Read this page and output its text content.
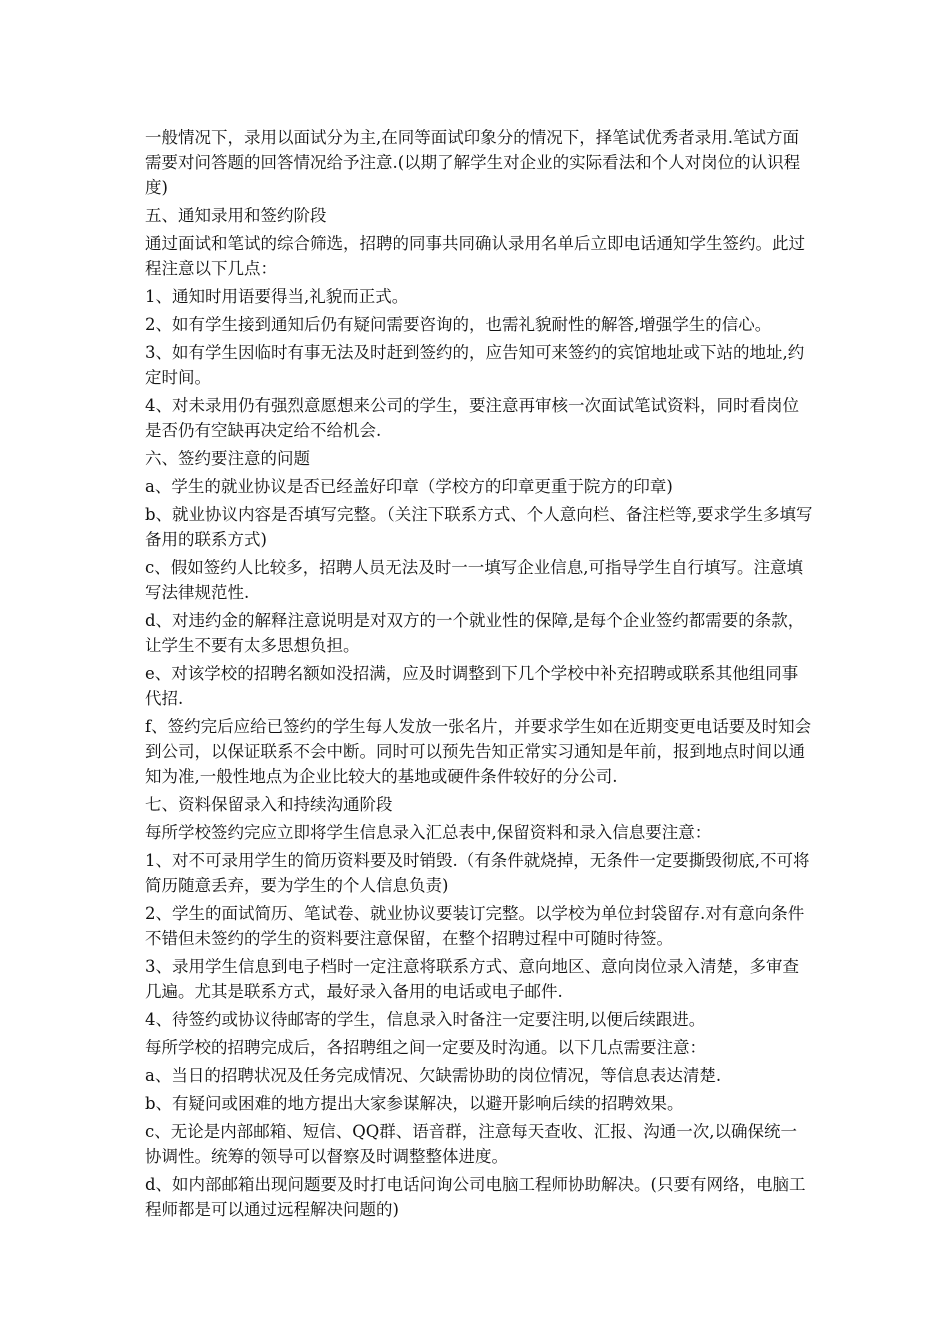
一般情况下，录用以面试分为主,在同等面试印象分的情况下，择笔试优秀者录用.笔试方面需要对问答题的回答情况给予注意.(以期了解学生对企业的实际看法和个人对岗位的认识程度)

五、通知录用和签约阶段

通过面试和笔试的综合筛选，招聘的同事共同确认录用名单后立即电话通知学生签约。此过程注意以下几点：

1、通知时用语要得当,礼貌而正式。

2、如有学生接到通知后仍有疑问需要咨询的，也需礼貌耐性的解答,增强学生的信心。

3、如有学生因临时有事无法及时赶到签约的，应告知可来签约的宾馆地址或下站的地址,约定时间。

4、对未录用仍有强烈意愿想来公司的学生，要注意再审核一次面试笔试资料，同时看岗位是否仍有空缺再决定给不给机会.

六、签约要注意的问题

a、学生的就业协议是否已经盖好印章（学校方的印章更重于院方的印章)

b、就业协议内容是否填写完整。（关注下联系方式、个人意向栏、备注栏等,要求学生多填写备用的联系方式)

c、假如签约人比较多，招聘人员无法及时一一填写企业信息,可指导学生自行填写。注意填写法律规范性.

d、对违约金的解释注意说明是对双方的一个就业性的保障,是每个企业签约都需要的条款，让学生不要有太多思想负担。

e、对该学校的招聘名额如没招满，应及时调整到下几个学校中补充招聘或联系其他组同事代招.

f、签约完后应给已签约的学生每人发放一张名片，并要求学生如在近期变更电话要及时知会到公司，以保证联系不会中断。同时可以预先告知正常实习通知是年前，报到地点时间以通知为准,一般性地点为企业比较大的基地或硬件条件较好的分公司.

七、资料保留录入和持续沟通阶段

每所学校签约完应立即将学生信息录入汇总表中,保留资料和录入信息要注意：

1、对不可录用学生的简历资料要及时销毁.（有条件就烧掉，无条件一定要撕毁彻底,不可将简历随意丢弃，要为学生的个人信息负责)

2、学生的面试简历、笔试卷、就业协议要装订完整。以学校为单位封袋留存.对有意向条件不错但未签约的学生的资料要注意保留，在整个招聘过程中可随时待签。

3、录用学生信息到电子档时一定注意将联系方式、意向地区、意向岗位录入清楚，多审查几遍。尤其是联系方式，最好录入备用的电话或电子邮件.

4、待签约或协议待邮寄的学生，信息录入时备注一定要注明,以便后续跟进。

每所学校的招聘完成后，各招聘组之间一定要及时沟通。以下几点需要注意：

a、当日的招聘状况及任务完成情况、欠缺需协助的岗位情况，等信息表达清楚.

b、有疑问或困难的地方提出大家参谋解决，以避开影响后续的招聘效果。

c、无论是内部邮箱、短信、QQ群、语音群，注意每天查收、汇报、沟通一次,以确保统一协调性。统筹的领导可以督察及时调整整体进度。

d、如内部邮箱出现问题要及时打电话问询公司电脑工程师协助解决。(只要有网络，电脑工程师都是可以通过远程解决问题的)
